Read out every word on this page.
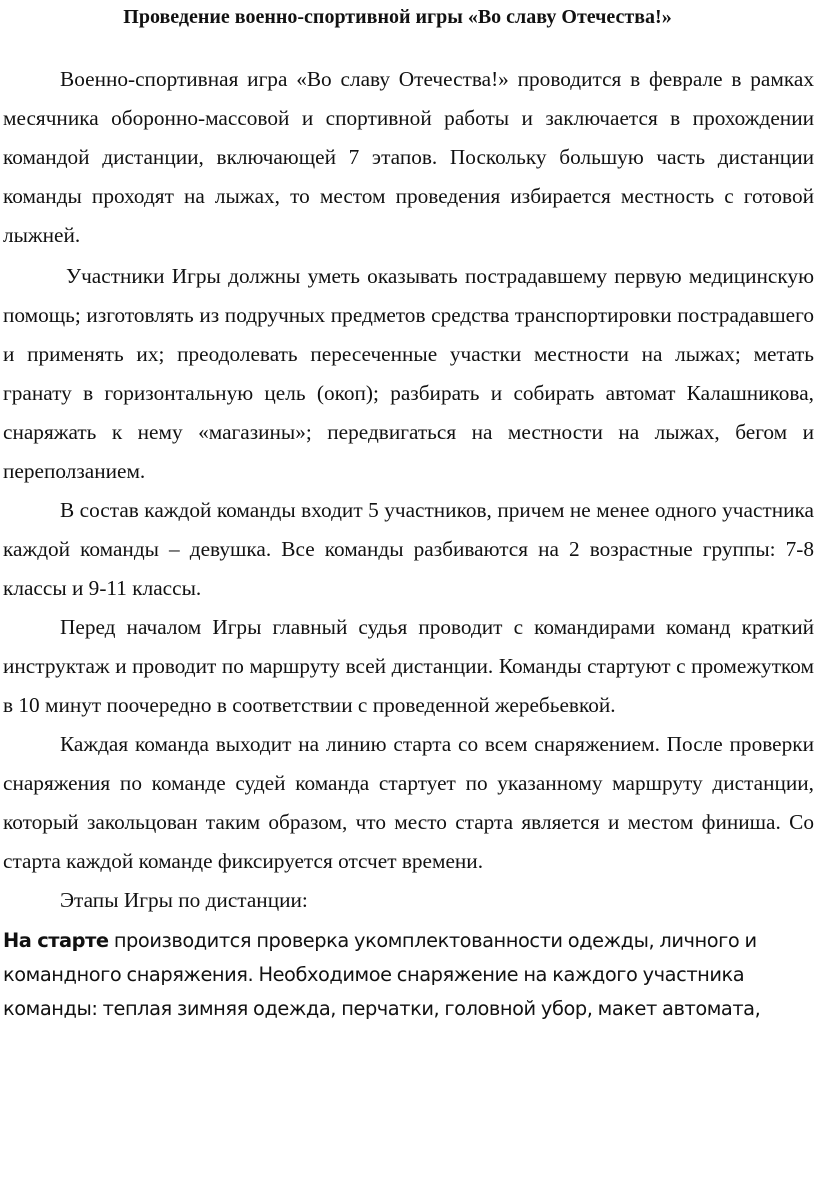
Проведение военно-спортивной игры «Во славу Отечества!»

Военно-спортивная игра «Во славу Отечества!» проводится в феврале в рамках месячника оборонно-массовой и спортивной работы и заключается в прохождении командой дистанции, включающей 7 этапов. Поскольку большую часть дистанции команды проходят на лыжах, то местом проведения избирается местность с готовой лыжней.

Участники Игры должны уметь оказывать пострадавшему первую медицинскую помощь; изготовлять из подручных предметов средства транспортировки пострадавшего и применять их; преодолевать пересеченные участки местности на лыжах; метать гранату в горизонтальную цель (окоп); разбирать и собирать автомат Калашникова, снаряжать к нему «магазины»; передвигаться на местности на лыжах, бегом и переползанием.

В состав каждой команды входит 5 участников, причем не менее одного участника каждой команды – девушка. Все команды разбиваются на 2 возрастные группы: 7-8 классы и 9-11 классы.

Перед началом Игры главный судья проводит с командирами команд краткий инструктаж и проводит по маршруту всей дистанции. Команды стартуют с промежутком в 10 минут поочередно в соответствии с проведенной жеребьевкой.

Каждая команда выходит на линию старта со всем снаряжением. После проверки снаряжения по команде судей команда стартует по указанному маршруту дистанции, который закольцован таким образом, что место старта является и местом финиша. Со старта каждой команде фиксируется отсчет времени.

Этапы Игры по дистанции:

На старте производится проверка укомплектованности одежды, личного и командного снаряжения. Необходимое снаряжение на каждого участника команды: теплая зимняя одежда, перчатки, головной убор, макет автомата,
